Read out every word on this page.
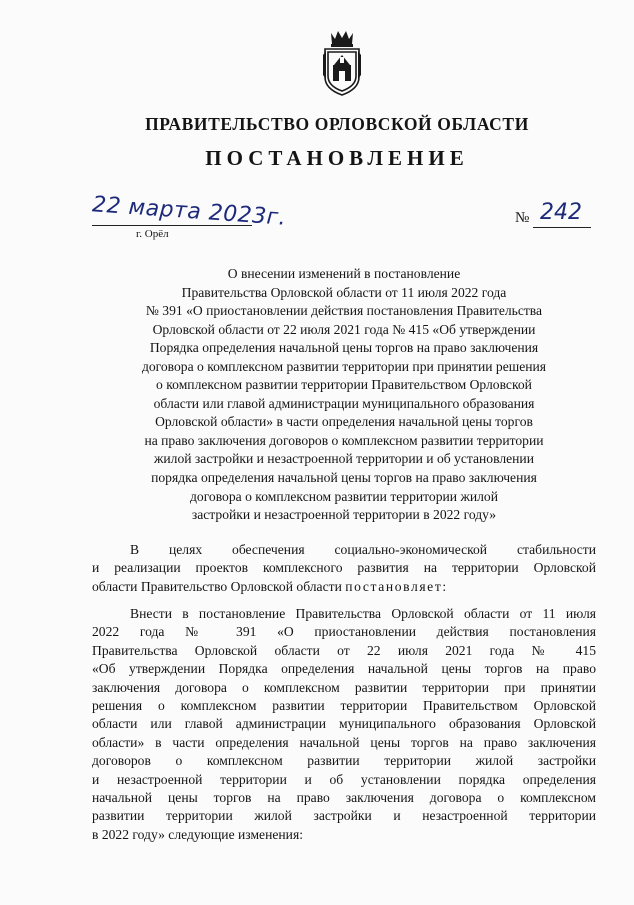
ПРАВИТЕЛЬСТВО ОРЛОВСКОЙ ОБЛАСТИ
ПОСТАНОВЛЕНИЕ
22 марта 2023г.
г. Орёл
№ 242
О внесении изменений в постановление
Правительства Орловской области от 11 июля 2022 года
№ 391 «О приостановлении действия постановления Правительства
Орловской области от 22 июля 2021 года № 415 «Об утверждении
Порядка определения начальной цены торгов на право заключения
договора о комплексном развитии территории при принятии решения
о комплексном развитии территории Правительством Орловской
области или главой администрации муниципального образования
Орловской области» в части определения начальной цены торгов
на право заключения договоров о комплексном развитии территории
жилой застройки и незастроенной территории и об установлении
порядка определения начальной цены торгов на право заключения
договора о комплексном развитии территории жилой
застройки и незастроенной территории в 2022 году»
В целях обеспечения социально-экономической стабильности
и реализации проектов комплексного развития на территории Орловской
области Правительство Орловской области постановляет:
Внести в постановление Правительства Орловской области от 11 июля
2022 года № 391 «О приостановлении действия постановления
Правительства Орловской области от 22 июля 2021 года № 415
«Об утверждении Порядка определения начальной цены торгов на право
заключения договора о комплексном развитии территории при принятии
решения о комплексном развитии территории Правительством Орловской
области или главой администрации муниципального образования Орловской
области» в части определения начальной цены торгов на право заключения
договоров о комплексном развитии территории жилой застройки
и незастроенной территории и об установлении порядка определения
начальной цены торгов на право заключения договора о комплексном
развитии территории жилой застройки и незастроенной территории
в 2022 году» следующие изменения:
